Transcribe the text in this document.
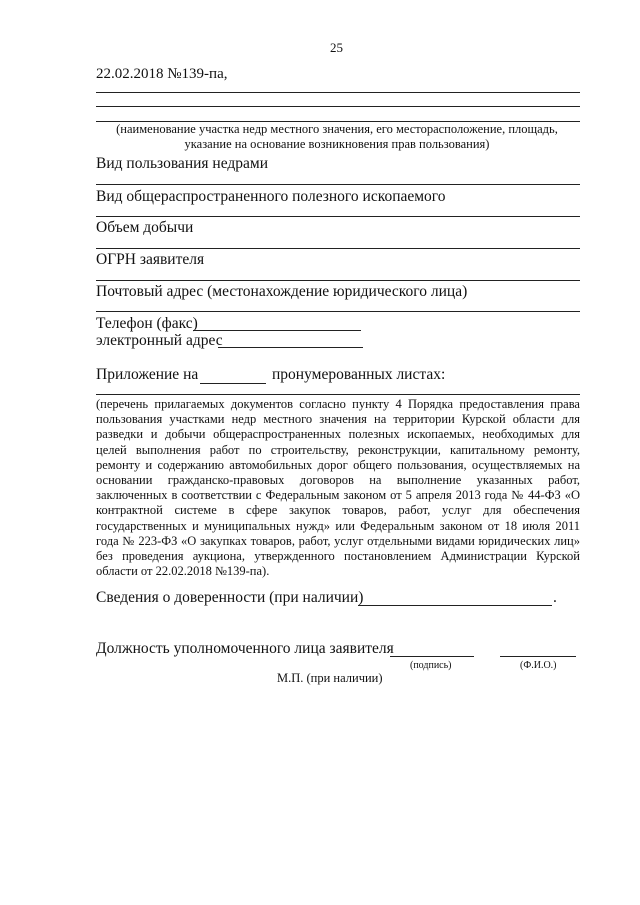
25
22.02.2018 №139-па,
(наименование участка недр местного значения, его месторасположение, площадь, указание на основание возникновения прав пользования)
Вид пользования недрами
Вид общераспространенного полезного ископаемого
Объем добычи
ОГРН заявителя
Почтовый адрес (местонахождение юридического лица)
Телефон (факс)
электронный адрес
Приложение на	пронумерованных листах:
(перечень прилагаемых документов согласно пункту 4 Порядка предоставления права пользования участками недр местного значения на территории Курской области для разведки и добычи общераспространенных полезных ископаемых, необходимых для целей выполнения работ по строительству, реконструкции, капитальному ремонту, ремонту и содержанию автомобильных дорог общего пользования, осуществляемых на основании гражданско-правовых договоров на выполнение указанных работ, заключенных в соответствии с Федеральным законом от 5 апреля 2013 года № 44-ФЗ «О контрактной системе в сфере закупок товаров, работ, услуг для обеспечения государственных и муниципальных нужд» или Федеральным законом от 18 июля 2011 года № 223-ФЗ «О закупках товаров, работ, услуг отдельными видами юридических лиц» без проведения аукциона, утвержденного постановлением Администрации Курской области от 22.02.2018 №139-па).
Сведения о доверенности (при наличии)	.
Должность уполномоченного лица заявителя
(подпись)	(Ф.И.О.)
М.П. (при наличии)
